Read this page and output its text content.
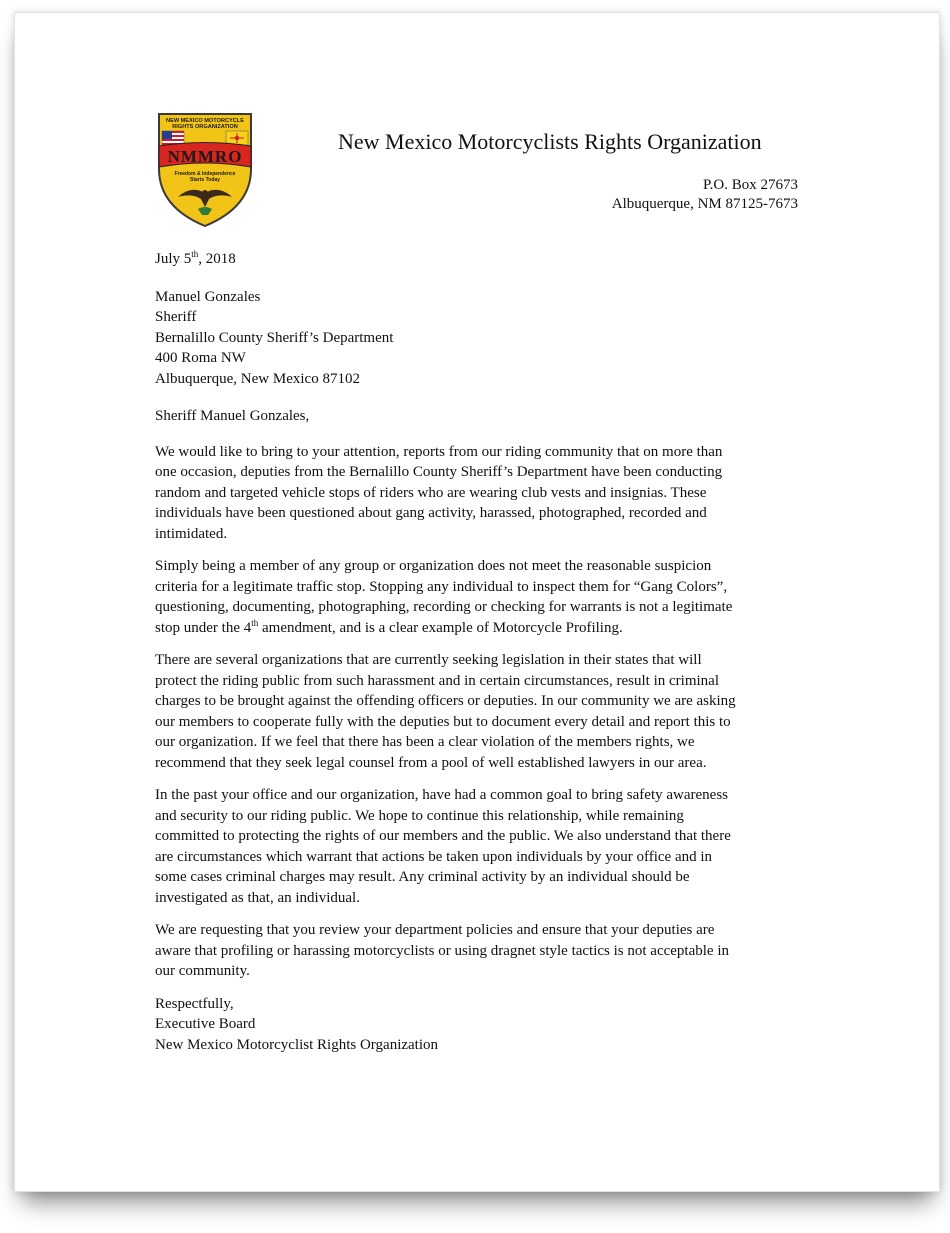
NEW MEXICO MOTORCYCLE
RIGHTS ORGANIZATION
NMMRO
Freedom & Independence
Starts Today
New Mexico Motorcyclists Rights Organization
P.O. Box 27673
Albuquerque, NM 87125-7673
July 5th, 2018
Manuel Gonzales
Sheriff
Bernalillo County Sheriff’s Department
400 Roma NW
Albuquerque, New Mexico 87102
Sheriff Manuel Gonzales,

We would like to bring to your attention, reports from our riding community that on more than
one occasion, deputies from the Bernalillo County Sheriff’s Department have been conducting
random and targeted vehicle stops of riders who are wearing club vests and insignias. These
individuals have been questioned about gang activity, harassed, photographed, recorded and
intimidated.

Simply being a member of any group or organization does not meet the reasonable suspicion
criteria for a legitimate traffic stop. Stopping any individual to inspect them for “Gang Colors”,
questioning, documenting, photographing, recording or checking for warrants is not a legitimate
stop under the 4th amendment, and is a clear example of Motorcycle Profiling.

There are several organizations that are currently seeking legislation in their states that will
protect the riding public from such harassment and in certain circumstances, result in criminal
charges to be brought against the offending officers or deputies. In our community we are asking
our members to cooperate fully with the deputies but to document every detail and report this to
our organization. If we feel that there has been a clear violation of the members rights, we
recommend that they seek legal counsel from a pool of well established lawyers in our area.

In the past your office and our organization, have had a common goal to bring safety awareness
and security to our riding public. We hope to continue this relationship, while remaining
committed to protecting the rights of our members and the public. We also understand that there
are circumstances which warrant that actions be taken upon individuals by your office and in
some cases criminal charges may result. Any criminal activity by an individual should be
investigated as that, an individual.

We are requesting that you review your department policies and ensure that your deputies are
aware that profiling or harassing motorcyclists or using dragnet style tactics is not acceptable in
our community.

Respectfully,
Executive Board
New Mexico Motorcyclist Rights Organization
